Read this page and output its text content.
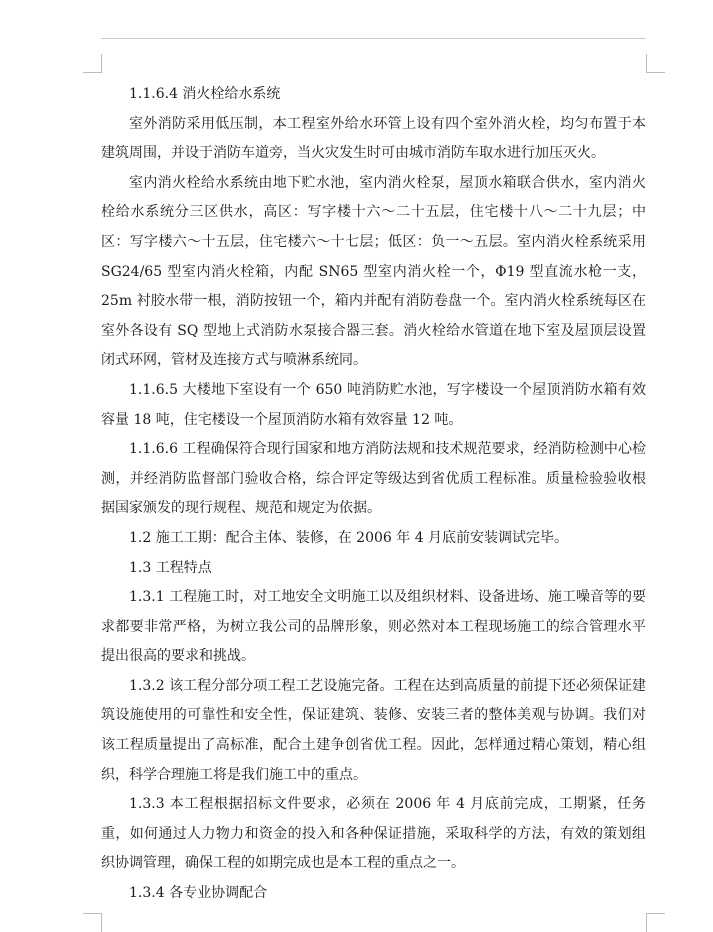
1.1.6.4 消火栓给水系统

室外消防采用低压制，本工程室外给水环管上设有四个室外消火栓，均匀布置于本建筑周围，并设于消防车道旁，当火灾发生时可由城市消防车取水进行加压灭火。

室内消火栓给水系统由地下贮水池，室内消火栓泵，屋顶水箱联合供水，室内消火栓给水系统分三区供水，高区：写字楼十六～二十五层，住宅楼十八～二十九层；中区：写字楼六～十五层，住宅楼六～十七层；低区：负一～五层。室内消火栓系统采用 SG24/65 型室内消火栓箱，内配 SN65 型室内消火栓一个，Φ19 型直流水枪一支，25m 衬胶水带一根，消防按钮一个，箱内并配有消防卷盘一个。室内消火栓系统每区在室外各设有 SQ 型地上式消防水泵接合器三套。消火栓给水管道在地下室及屋顶层设置闭式环网，管材及连接方式与喷淋系统同。

1.1.6.5 大楼地下室设有一个 650 吨消防贮水池，写字楼设一个屋顶消防水箱有效容量 18 吨，住宅楼设一个屋顶消防水箱有效容量 12 吨。

1.1.6.6 工程确保符合现行国家和地方消防法规和技术规范要求，经消防检测中心检测，并经消防监督部门验收合格，综合评定等级达到省优质工程标准。质量检验验收根据国家颁发的现行规程、规范和规定为依据。

1.2 施工工期：配合主体、装修，在 2006 年 4 月底前安装调试完毕。

1.3 工程特点

1.3.1 工程施工时，对工地安全文明施工以及组织材料、设备进场、施工噪音等的要求都要非常严格，为树立我公司的品牌形象，则必然对本工程现场施工的综合管理水平提出很高的要求和挑战。

1.3.2 该工程分部分项工程工艺设施完备。工程在达到高质量的前提下还必须保证建筑设施使用的可靠性和安全性，保证建筑、装修、安装三者的整体美观与协调。我们对该工程质量提出了高标准，配合土建争创省优工程。因此，怎样通过精心策划，精心组织，科学合理施工将是我们施工中的重点。

1.3.3 本工程根据招标文件要求，必须在 2006 年 4 月底前完成，工期紧，任务重，如何通过人力物力和资金的投入和各种保证措施，采取科学的方法，有效的策划组织协调管理，确保工程的如期完成也是本工程的重点之一。

1.3.4 各专业协调配合
